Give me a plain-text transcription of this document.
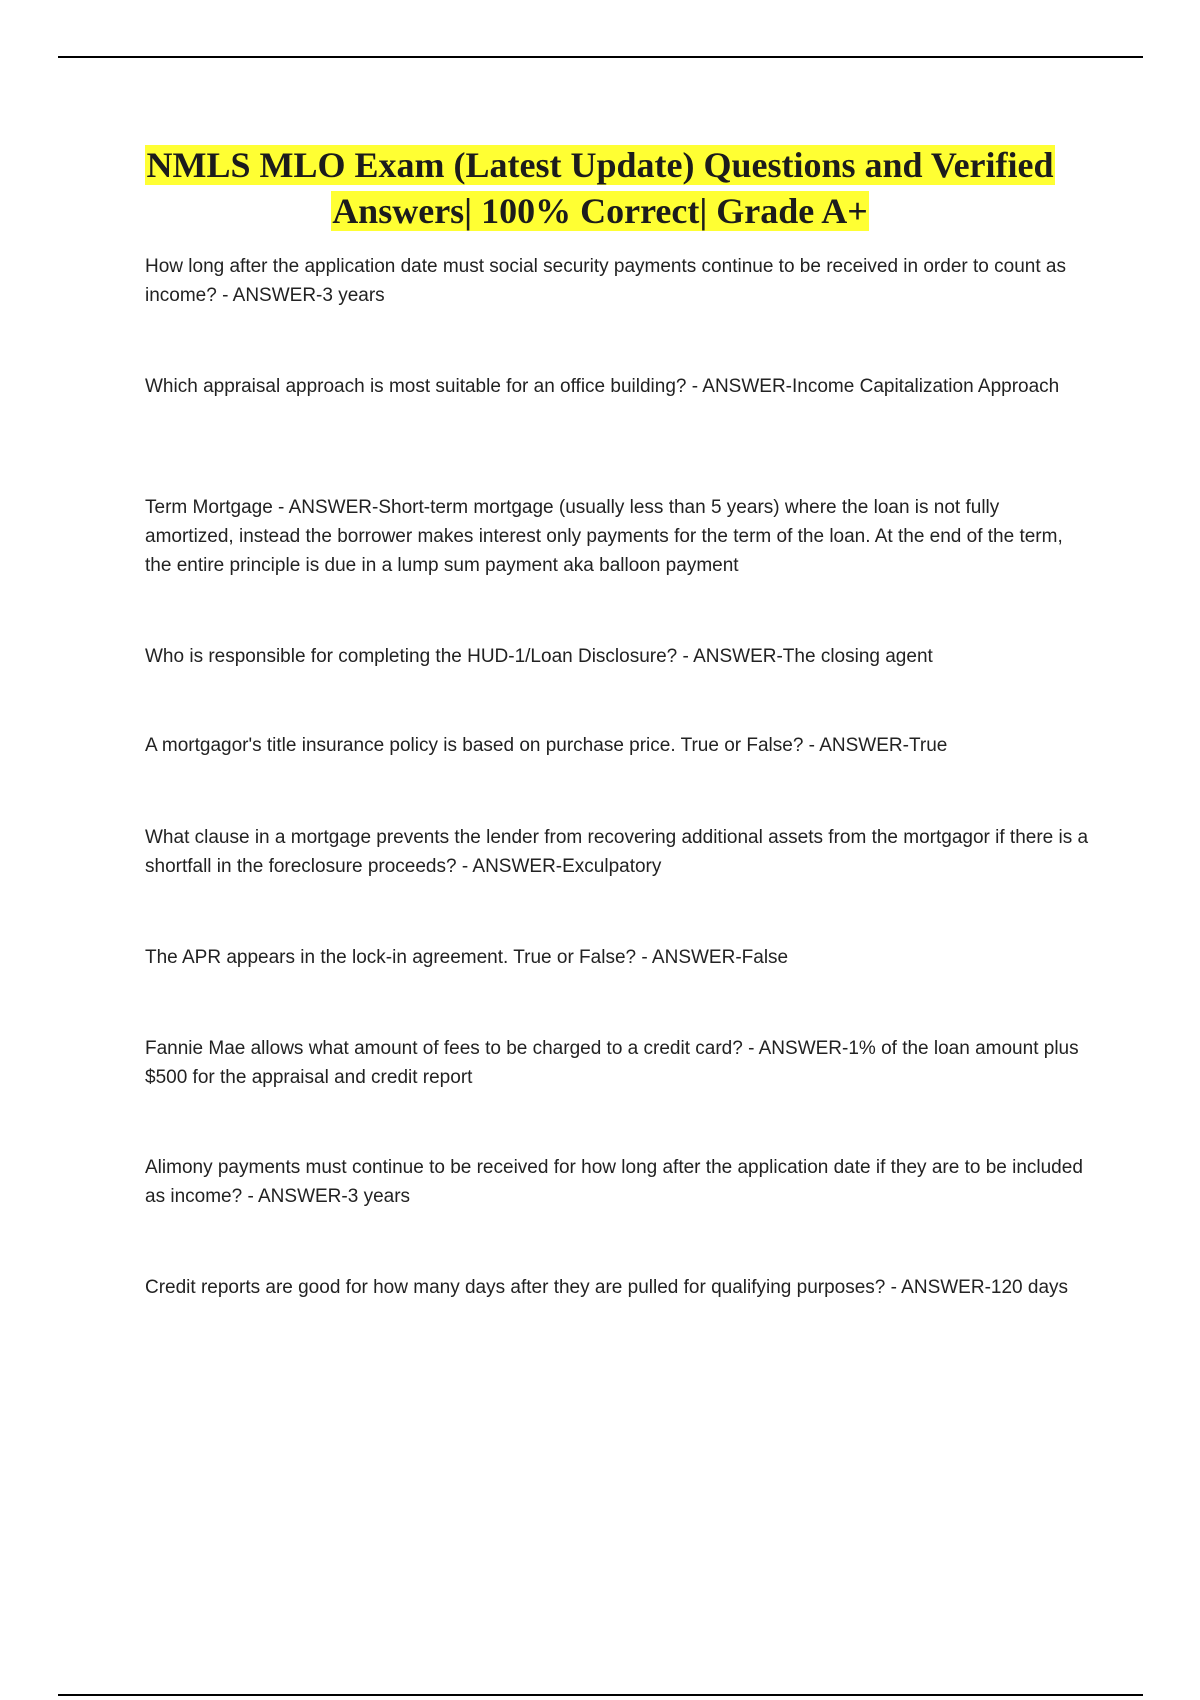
NMLS MLO Exam (Latest Update) Questions and Verified
Answers| 100% Correct| Grade A+

How long after the application date must social security payments continue to be received in order to count as income? - ANSWER-3 years

Which appraisal approach is most suitable for an office building? - ANSWER-Income Capitalization Approach

Term Mortgage - ANSWER-Short-term mortgage (usually less than 5 years) where the loan is not fully amortized, instead the borrower makes interest only payments for the term of the loan. At the end of the term, the entire principle is due in a lump sum payment aka balloon payment

Who is responsible for completing the HUD-1/Loan Disclosure? - ANSWER-The closing agent

A mortgagor's title insurance policy is based on purchase price. True or False? - ANSWER-True

What clause in a mortgage prevents the lender from recovering additional assets from the mortgagor if there is a shortfall in the foreclosure proceeds? - ANSWER-Exculpatory

The APR appears in the lock-in agreement. True or False? - ANSWER-False

Fannie Mae allows what amount of fees to be charged to a credit card? - ANSWER-1% of the loan amount plus $500 for the appraisal and credit report

Alimony payments must continue to be received for how long after the application date if they are to be included as income? - ANSWER-3 years

Credit reports are good for how many days after they are pulled for qualifying purposes? - ANSWER-120 days
